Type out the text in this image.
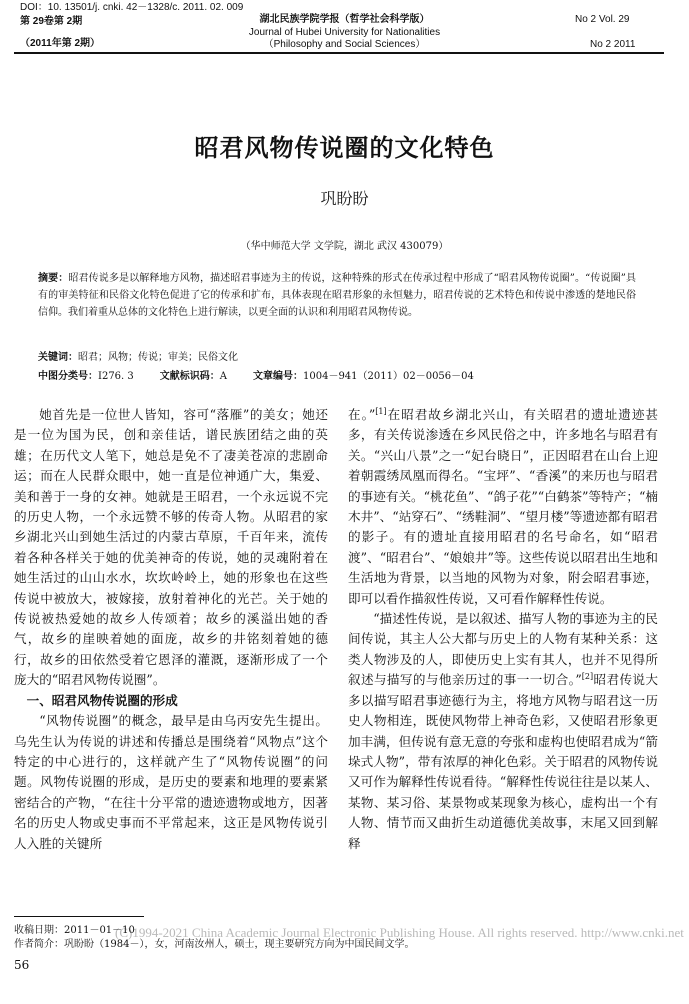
DOI：10. 13501/j. cnki. 42－1328/c. 2011. 02. 009
第 29卷第 2期
（2011年第 2期）
湖北民族学院学报（哲学社会科学版）
Journal of Hubei University for Nationalities
（Philosophy and Social Sciences）
No 2 Vol. 29
No 2 2011
昭君风物传说圈的文化特色
巩盼盼
（华中师范大学 文学院，湖北 武汉 430079）
摘要：昭君传说多是以解释地方风物，描述昭君事迹为主的传说，这种特殊的形式在传承过程中形成了“昭君风物传说圈”。“传说圈”具有的审美特征和民俗文化特色促进了它的传承和扩布，具体表现在昭君形象的永恒魅力，昭君传说的艺术特色和传说中渗透的楚地民俗信仰。我们着重从总体的文化特色上进行解读，以更全面的认识和利用昭君风物传说。
关键词：昭君；风物；传说；审美；民俗文化
中图分类号：I276. 3	文献标识码：A	文章编号：1004－941（2011）02－0056－04

她首先是一位世人皆知，容可“落雁”的美女；她还是一位为国为民，创和亲佳话，谱民族团结之曲的英雄；在历代文人笔下，她总是免不了凄美苍凉的悲剧命运；而在人民群众眼中，她一直是位神通广大，集爱、美和善于一身的女神。她就是王昭君，一个永远说不完的历史人物，一个永远赞不够的传奇人物。从昭君的家乡湖北兴山到她生活过的内蒙古草原，千百年来，流传着各种各样关于她的优美神奇的传说，她的灵魂附着在她生活过的山山水水，坎坎岭岭上，她的形象也在这些传说中被放大，被嫁接，放射着神化的光芒。关于她的传说被热爱她的故乡人传颂着；故乡的溪溢出她的香气，故乡的崖映着她的面庞，故乡的井铭刻着她的德行，故乡的田依然受着它恩泽的灌溉，逐渐形成了一个庞大的“昭君风物传说圈”。

一、昭君风物传说圈的形成

“风物传说圈”的概念，最早是由乌丙安先生提出。乌先生认为传说的讲述和传播总是围绕着“风物点”这个特定的中心进行的，这样就产生了“风物传说圈”的问题。风物传说圈的形成，是历史的要素和地理的要素紧密结合的产物，“在往十分平常的遗迹遗物或地方，因著名的历史人物或史事而不平常起来，这正是风物传说引人入胜的关键所

在。”[1]在昭君故乡湖北兴山，有关昭君的遗址遗迹甚多，有关传说渗透在乡风民俗之中，许多地名与昭君有关。“兴山八景”之一“妃台晓日”，正因昭君在山台上迎着朝霞绣凤凰而得名。“宝坪”、“香溪”的来历也与昭君的事迹有关。“桃花鱼”、“鸽子花”“白鹤茶”等特产；“楠木井”、“站穿石”、“绣鞋洞”、“望月楼”等遗迹都有昭君的影子。有的遗址直接用昭君的名号命名，如“昭君渡”、“昭君台”、“娘娘井”等。这些传说以昭君出生地和生活地为背景，以当地的风物为对象，附会昭君事迹，即可以看作描叙性传说，又可看作解释性传说。

“描述性传说，是以叙述、描写人物的事迹为主的民间传说，其主人公大都与历史上的人物有某种关系：这类人物涉及的人，即使历史上实有其人，也并不见得所叙述与描写的与他亲历过的事一一切合。”[2]昭君传说大多以描写昭君事迹德行为主，将地方风物与昭君这一历史人物相连，既使风物带上神奇色彩，又使昭君形象更加丰满，但传说有意无意的夸张和虚构也使昭君成为“箭垛式人物”，带有浓厚的神化色彩。关于昭君的风物传说又可作为解释性传说看待。“解释性传说往往是以某人、某物、某习俗、某景物或某现象为核心，虚构出一个有人物、情节而又曲折生动道德优美故事，末尾又回到解释

(C)1994-2021 China Academic Journal Electronic Publishing House. All rights reserved. http://www.cnki.net
收稿日期：2011－01－10
作者简介：巩盼盼（1984－），女，河南汝州人，硕士，现主要研究方向为中国民间文学。
56
